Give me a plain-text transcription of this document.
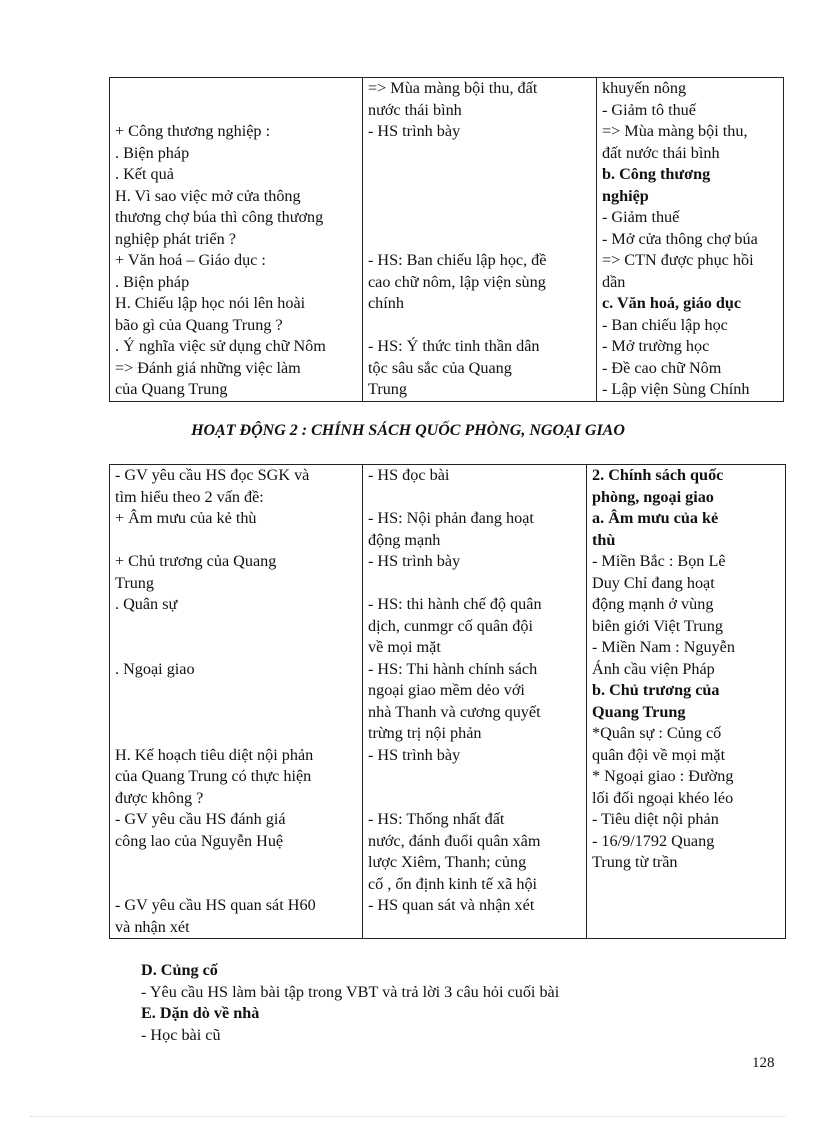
+ Công thương nghiệp :
. Biện pháp
. Kết quả
H. Vì sao việc mở cửa thông
thương chợ búa thì công thương
nghiệp phát triển ?
+ Văn hoá – Giáo dục :
. Biện pháp
H. Chiếu lập học nói lên hoài
bão gì của Quang Trung ?
. Ý nghĩa việc sử dụng chữ Nôm
=> Đánh giá những việc làm
của Quang Trung

=> Mùa màng bội thu, đất
nước thái bình
- HS trình bày
- HS: Ban chiếu lập học, đề
cao chữ nôm, lập viện sùng
chính
- HS: Ý thức tinh thần dân
tộc sâu sắc của Quang
Trung

khuyến nông
- Giảm tô thuế
=> Mùa màng bội thu,
đất nước thái bình
b. Công thương
nghiệp
- Giảm thuế
- Mở cửa thông chợ búa
=> CTN được phục hồi
dần
c. Văn hoá, giáo dục
- Ban chiếu lập học
- Mở trường học
- Đề cao chữ Nôm
- Lập viện Sùng Chính
HOẠT ĐỘNG 2 : CHÍNH SÁCH QUỐC PHÒNG, NGOẠI GIAO
- GV yêu cầu HS đọc SGK và
tìm hiểu theo 2 vấn đề:
+ Âm mưu của kẻ thù
+ Chủ trương của Quang
Trung
. Quân sự
. Ngoại giao
H. Kế hoạch tiêu diệt nội phản
của Quang Trung có thực hiện
được không ?
- GV yêu cầu HS đánh giá
công lao của Nguyễn Huệ
- GV yêu cầu HS quan sát H60
và nhận xét

- HS đọc bài
- HS: Nội phản đang hoạt
động mạnh
- HS trình bày
- HS: thi hành chế độ quân
dịch, cunmgr cố quân đội
về mọi mặt
- HS: Thi hành chính sách
ngoại giao mềm dẻo với
nhà Thanh và cương quyết
trừng trị nội phản
- HS trình bày
- HS: Thống nhất đất
nước, đánh đuổi quân xâm
lược Xiêm, Thanh; củng
cố , ổn định kinh tế xã hội
- HS quan sát và nhận xét

2. Chính sách quốc
phòng, ngoại giao
a. Âm mưu của kẻ
thù
- Miền Bắc : Bọn Lê
Duy Chỉ đang hoạt
động mạnh ở vùng
biên giới Việt Trung
- Miền Nam : Nguyễn
Ánh cầu viện Pháp
b. Chủ trương của
Quang Trung
*Quân sự : Củng cố
quân đội về mọi mặt
* Ngoại giao : Đường
lối đối ngoại khéo léo
- Tiêu diệt nội phản
- 16/9/1792 Quang
Trung từ trần
D. Củng cố
- Yêu cầu HS làm bài tập trong VBT và trả lời 3 câu hỏi cuối bài
E. Dặn dò về nhà
- Học bài cũ
128
